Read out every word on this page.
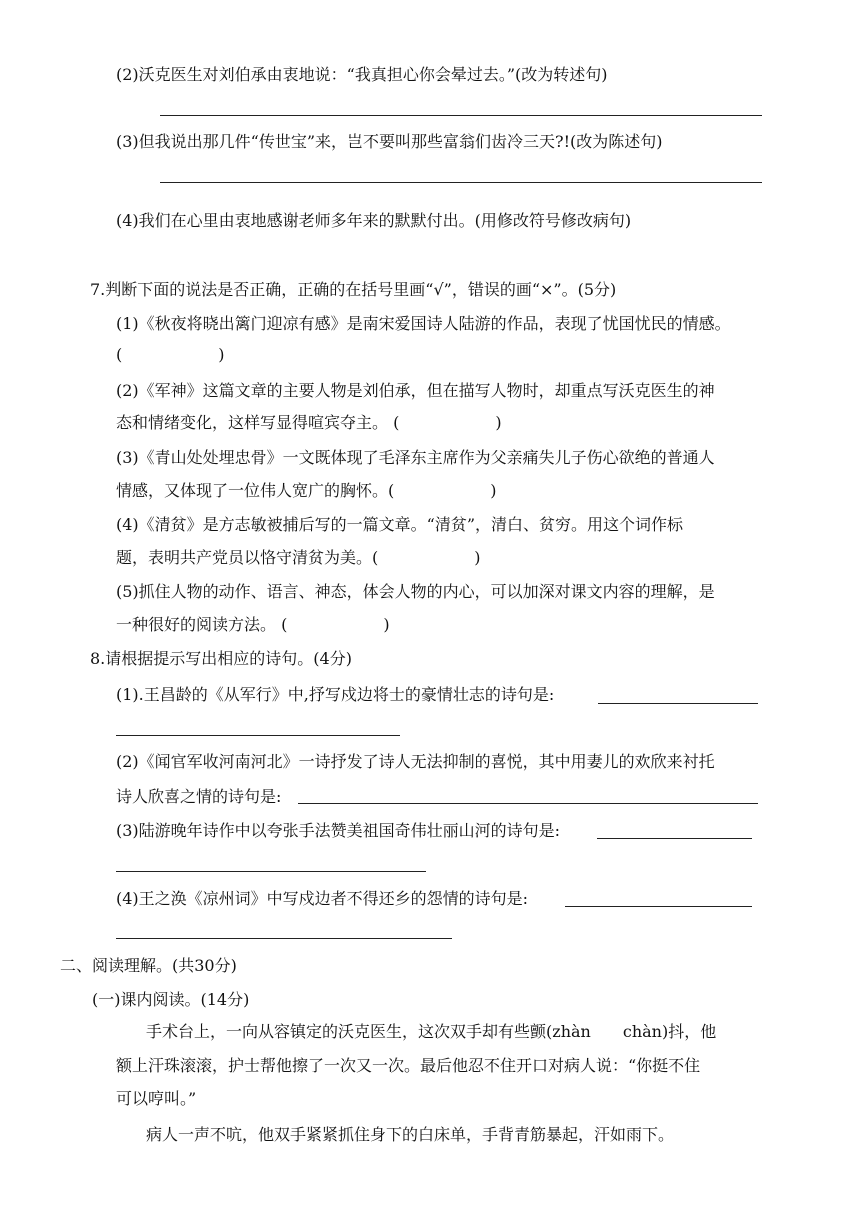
(2)沃克医生对刘伯承由衷地说：“我真担心你会晕过去。”(改为转述句)
(3)但我说出那几件“传世宝”来，岂不要叫那些富翁们齿冷三天?!(改为陈述句)
(4)我们在心里由衷地感谢老师多年来的默默付出。(用修改符号修改病句)
7.判断下面的说法是否正确，正确的在括号里画“√”，错误的画“×”。(5分)
(1)《秋夜将晓出篱门迎凉有感》是南宋爱国诗人陆游的作品，表现了忧国忧民的情感。
(　　　　　　)
(2)《军神》这篇文章的主要人物是刘伯承，但在描写人物时，却重点写沃克医生的神
态和情绪变化，这样写显得喧宾夺主。 (　　　　　　)
(3)《青山处处埋忠骨》一文既体现了毛泽东主席作为父亲痛失儿子伤心欲绝的普通人
情感，又体现了一位伟人宽广的胸怀。(　　　　　　)
(4)《清贫》是方志敏被捕后写的一篇文章。“清贫”，清白、贫穷。用这个词作标
题，表明共产党员以恪守清贫为美。(　　　　　　)
(5)抓住人物的动作、语言、神态，体会人物的内心，可以加深对课文内容的理解，是
一种很好的阅读方法。 (　　　　　　)
8.请根据提示写出相应的诗句。(4分)
(1).王昌龄的《从军行》中,抒写戍边将士的豪情壮志的诗句是:
(2)《闻官军收河南河北》一诗抒发了诗人无法抑制的喜悦，其中用妻儿的欢欣来衬托
诗人欣喜之情的诗句是:
(3)陆游晚年诗作中以夸张手法赞美祖国奇伟壮丽山河的诗句是:
(4)王之涣《凉州词》中写戍边者不得还乡的怨情的诗句是:
二、阅读理解。(共30分)
(一)课内阅读。(14分)
手术台上，一向从容镇定的沃克医生，这次双手却有些颤(zhàn　　chàn)抖，他
额上汗珠滚滚，护士帮他擦了一次又一次。最后他忍不住开口对病人说：“你挺不住
可以哼叫。”
病人一声不吭，他双手紧紧抓住身下的白床单，手背青筋暴起，汗如雨下。
